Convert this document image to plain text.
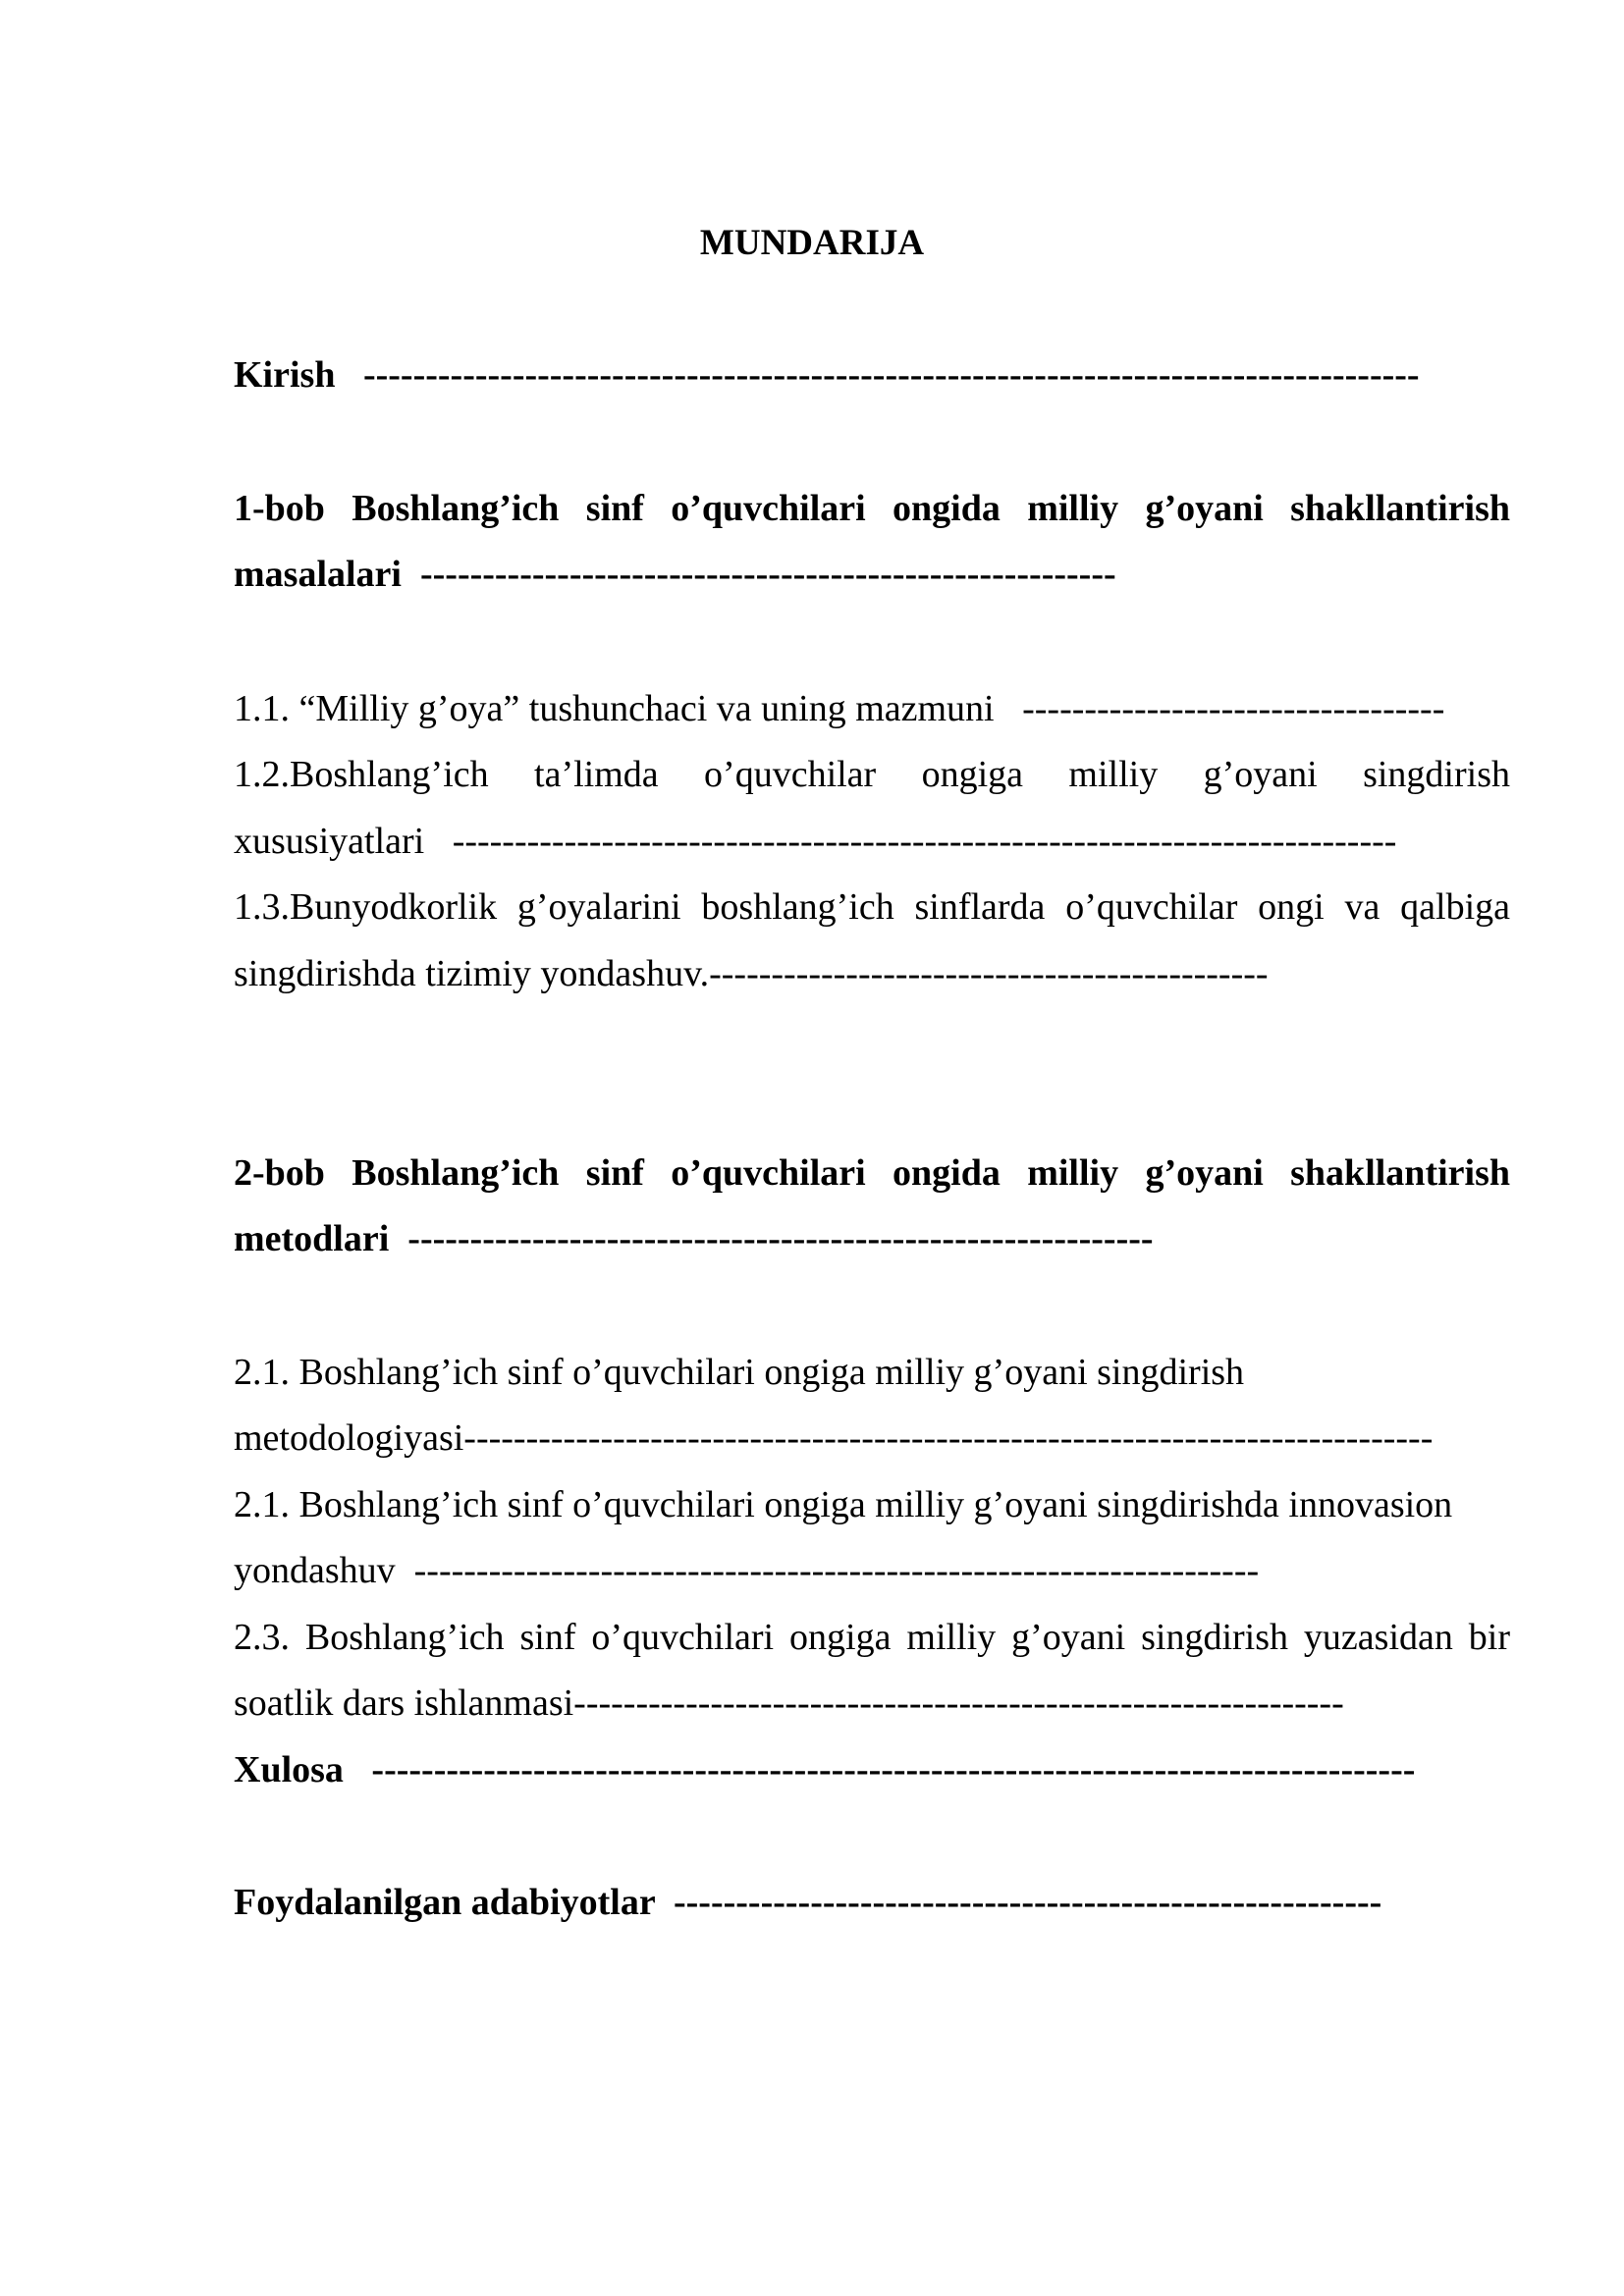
MUNDARIJA

Kirish   -------------------------------------------------------------------------------------

1-bob Boshlang’ich sinf o’quvchilari ongida milliy g’oyani shakllantirish

masalalari  --------------------------------------------------------

1.1. “Milliy g’oya” tushunchaci va uning mazmuni   ----------------------------------

1.2.Boshlang’ich ta’limda o’quvchilar ongiga milliy g’oyani singdirish

xususiyatlari   ----------------------------------------------------------------------------

1.3.Bunyodkorlik g’oyalarini boshlang’ich sinflarda o’quvchilar ongi va qalbiga

singdirishda tizimiy yondashuv.---------------------------------------------

2-bob Boshlang’ich sinf o’quvchilari ongida milliy g’oyani shakllantirish

metodlari  ------------------------------------------------------------

2.1. Boshlang’ich sinf o’quvchilari ongiga milliy g’oyani singdirish

metodologiyasi------------------------------------------------------------------------------

2.1. Boshlang’ich sinf o’quvchilari ongiga milliy g’oyani singdirishda innovasion

yondashuv  --------------------------------------------------------------------

2.3. Boshlang’ich sinf o’quvchilari ongiga milliy g’oyani singdirish yuzasidan bir

soatlik dars ishlanmasi--------------------------------------------------------------

Xulosa   ------------------------------------------------------------------------------------

Foydalanilgan adabiyotlar  ---------------------------------------------------------
